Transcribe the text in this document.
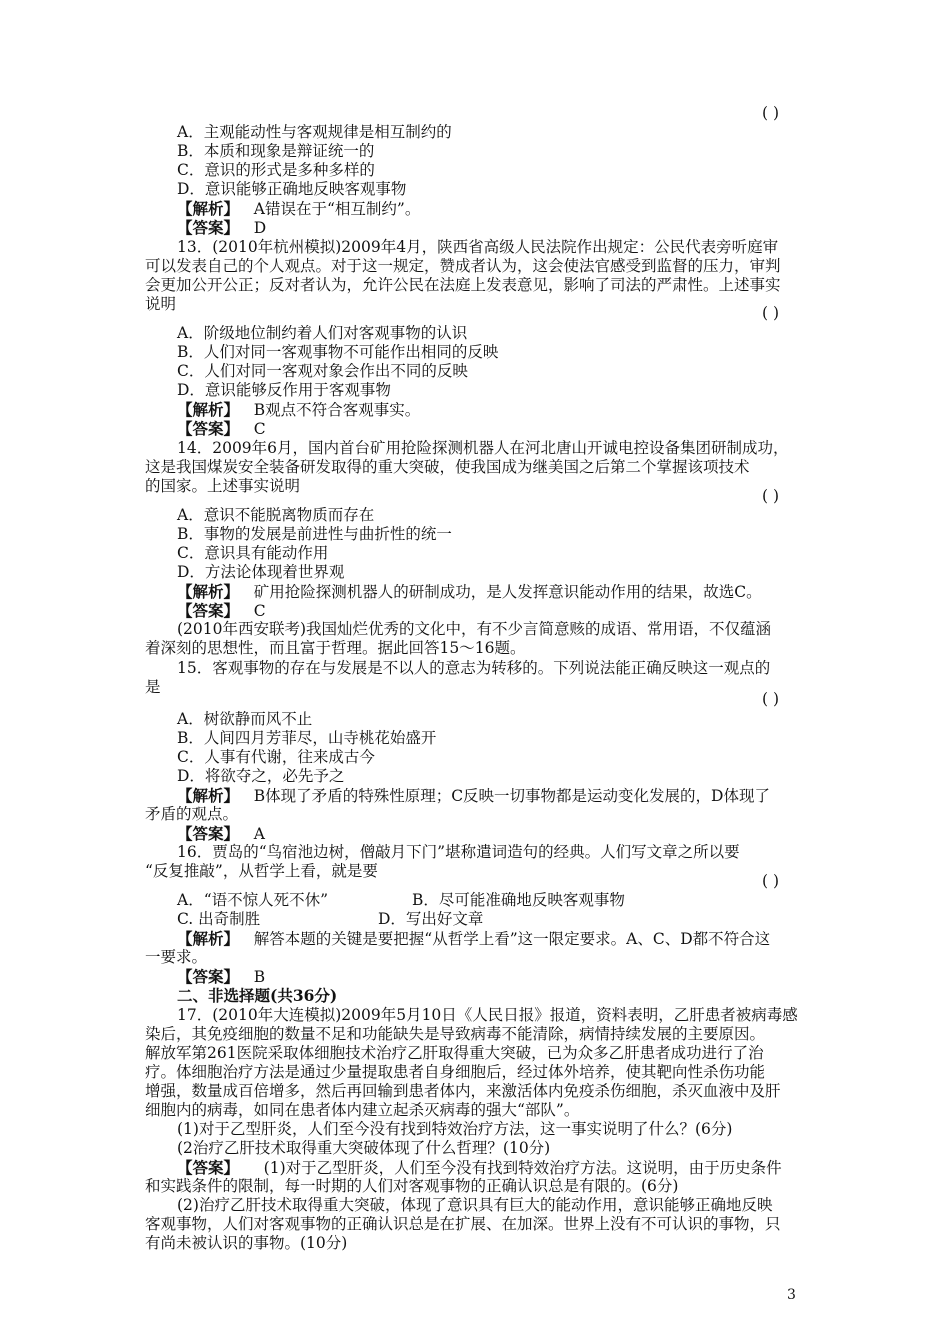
( )
A．主观能动性与客观规律是相互制约的
B．本质和现象是辩证统一的
C．意识的形式是多种多样的
D．意识能够正确地反映客观事物
【解析】 A错误在于“相互制约”。
【答案】 D
13．(2010年杭州模拟)2009年4月，陕西省高级人民法院作出规定：公民代表旁听庭审
可以发表自己的个人观点。对于这一规定，赞成者认为，这会使法官感受到监督的压力，审判
会更加公开公正；反对者认为，允许公民在法庭上发表意见，影响了司法的严肃性。上述事实
说明	( )
A．阶级地位制约着人们对客观事物的认识
B．人们对同一客观事物不可能作出相同的反映
C．人们对同一客观对象会作出不同的反映
D．意识能够反作用于客观事物
【解析】 B观点不符合客观事实。
【答案】 C
14．2009年6月，国内首台矿用抢险探测机器人在河北唐山开诚电控设备集团研制成功，
这是我国煤炭安全装备研发取得的重大突破，使我国成为继美国之后第二个掌握该项技术
的国家。上述事实说明
( )
A．意识不能脱离物质而存在
B．事物的发展是前进性与曲折性的统一
C．意识具有能动作用
D．方法论体现着世界观
【解析】 矿用抢险探测机器人的研制成功，是人发挥意识能动作用的结果，故选C。
【答案】 C
(2010年西安联考)我国灿烂优秀的文化中，有不少言简意赅的成语、常用语，不仅蕴涵
着深刻的思想性，而且富于哲理。据此回答15～16题。
15．客观事物的存在与发展是不以人的意志为转移的。下列说法能正确反映这一观点的
是
( )
A．树欲静而风不止
B．人间四月芳菲尽，山寺桃花始盛开
C．人事有代谢，往来成古今
D．将欲夺之，必先予之
【解析】 B体现了矛盾的特殊性原理；C反映一切事物都是运动变化发展的，D体现了
矛盾的观点。
【答案】 A
16．贾岛的“鸟宿池边树，僧敲月下门”堪称遣词造句的经典。人们写文章之所以要
“反复推敲”，从哲学上看，就是要
( )
A．“语不惊人死不休”	B．尽可能准确地反映客观事物
C. 出奇制胜	D．写出好文章
【解析】 解答本题的关键是要把握“从哲学上看”这一限定要求。A、C、D都不符合这
一要求。
【答案】 B
二、非选择题(共36分)
17．(2010年大连模拟)2009年5月10日《人民日报》报道，资料表明，乙肝患者被病毒感
染后，其免疫细胞的数量不足和功能缺失是导致病毒不能清除，病情持续发展的主要原因。
解放军第261医院采取体细胞技术治疗乙肝取得重大突破，已为众多乙肝患者成功进行了治
疗。体细胞治疗方法是通过少量提取患者自身细胞后，经过体外培养，使其靶向性杀伤功能
增强，数量成百倍增多，然后再回输到患者体内，来激活体内免疫杀伤细胞，杀灭血液中及肝
细胞内的病毒，如同在患者体内建立起杀灭病毒的强大“部队”。
(1)对于乙型肝炎，人们至今没有找到特效治疗方法，这一事实说明了什么？(6分)
(2治疗乙肝技术取得重大突破体现了什么哲理？(10分)
【答案】 (1)对于乙型肝炎，人们至今没有找到特效治疗方法。这说明，由于历史条件
和实践条件的限制，每一时期的人们对客观事物的正确认识总是有限的。(6分)
(2)治疗乙肝技术取得重大突破，体现了意识具有巨大的能动作用，意识能够正确地反映
客观事物，人们对客观事物的正确认识总是在扩展、在加深。世界上没有不可认识的事物，只
有尚未被认识的事物。(10分)
3
